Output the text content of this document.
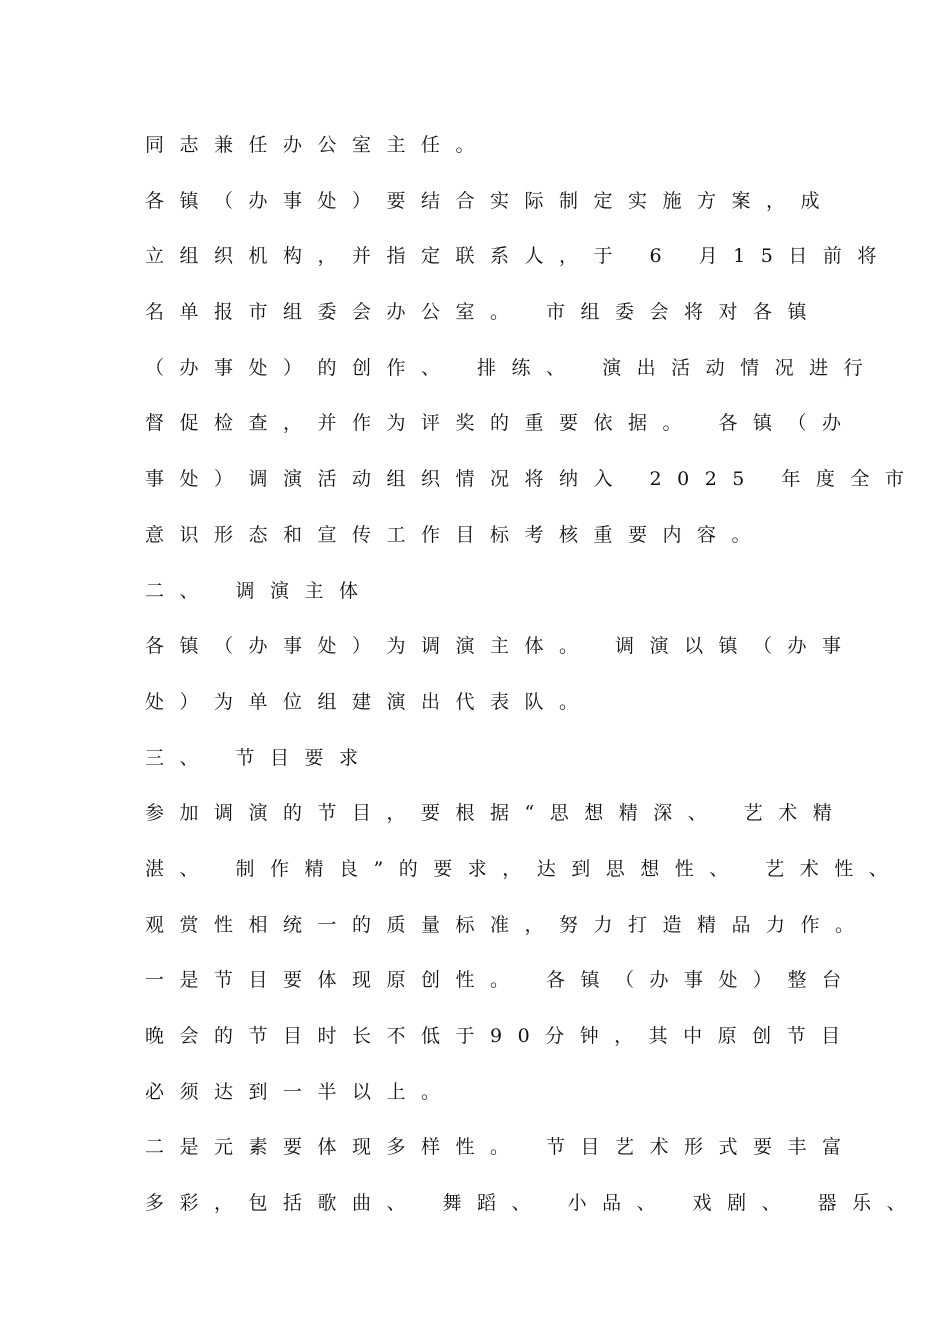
同志兼任办公室主任。
各镇（办事处）要结合实际制定实施方案，成
立组织机构，并指定联系人，于 6 月15日前将
名单报市组委会办公室。 市组委会将对各镇
（办事处）的创作、 排练、 演出活动情况进行
督促检查，并作为评奖的重要依据。 各镇（办
事处）调演活动组织情况将纳入 2025 年度全市
意识形态和宣传工作目标考核重要内容。
二、 调演主体
各镇（办事处）为调演主体。 调演以镇（办事
处）为单位组建演出代表队。
三、 节目要求
参加调演的节目，要根据“思想精深、 艺术精
湛、 制作精良”的要求，达到思想性、 艺术性、
观赏性相统一的质量标准，努力打造精品力作。
一是节目要体现原创性。 各镇（办事处）整台
晚会的节目时长不低于90分钟，其中原创节目
必须达到一半以上。
二是元素要体现多样性。 节目艺术形式要丰富
多彩，包括歌曲、 舞蹈、 小品、 戏剧、 器乐、
